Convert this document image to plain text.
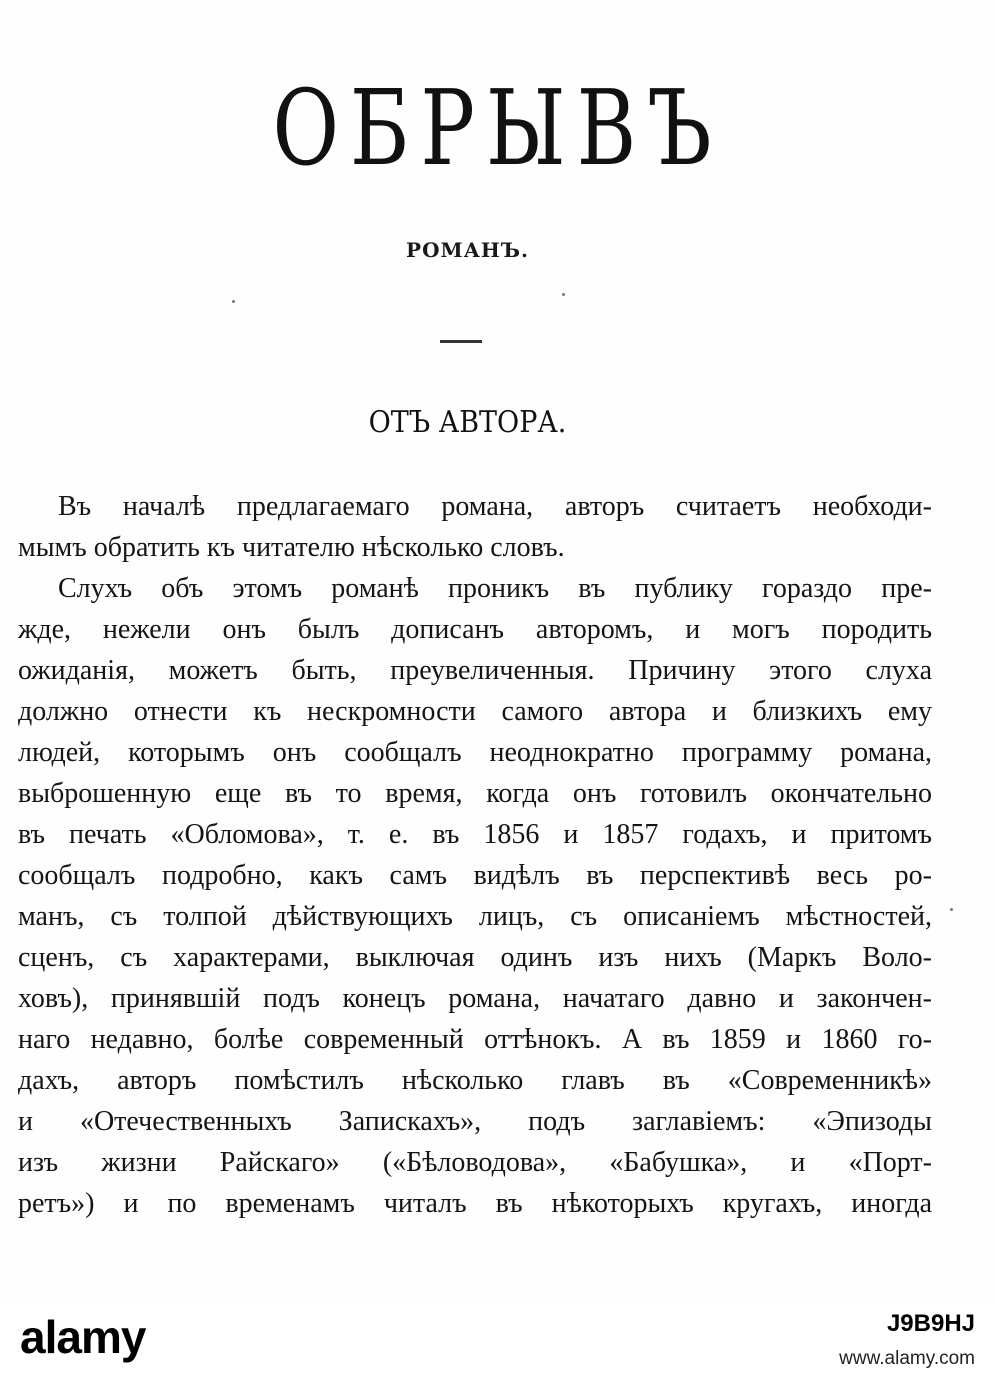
ОБРЫВЪ
РОМАНЪ.
ОТЪ АВТОРА.
Въ началѣ предлагаемаго романа, авторъ считаетъ необходи-
мымъ обратить къ читателю нѣсколько словъ.
Слухъ объ этомъ романѣ проникъ въ публику гораздо пре-
жде, нежели онъ былъ дописанъ авторомъ, и могъ породить
ожиданія, можетъ быть, преувеличенныя. Причину этого слуха
должно отнести къ нескромности самого автора и близкихъ ему
людей, которымъ онъ сообщалъ неоднократно программу романа,
выброшенную еще въ то время, когда онъ готовилъ окончательно
въ печать «Обломова», т. е. въ 1856 и 1857 годахъ, и притомъ
сообщалъ подробно, какъ самъ видѣлъ въ перспективѣ весь ро-
манъ, съ толпой дѣйствующихъ лицъ, съ описаніемъ мѣстностей,
сценъ, съ характерами, выключая одинъ изъ нихъ (Маркъ Воло-
ховъ), принявшій подъ конецъ романа, начатаго давно и закончен-
наго недавно, болѣе современный оттѣнокъ. А въ 1859 и 1860 го-
дахъ, авторъ помѣстилъ нѣсколько главъ въ «Современникѣ»
и «Отечественныхъ Запискахъ», подъ заглавіемъ: «Эпизоды
изъ жизни Райскаго» («Бѣловодова», «Бабушка», и «Порт-
ретъ») и по временамъ читалъ въ нѣкоторыхъ кругахъ, иногда
alamy	J9B9HJ
www.alamy.com
